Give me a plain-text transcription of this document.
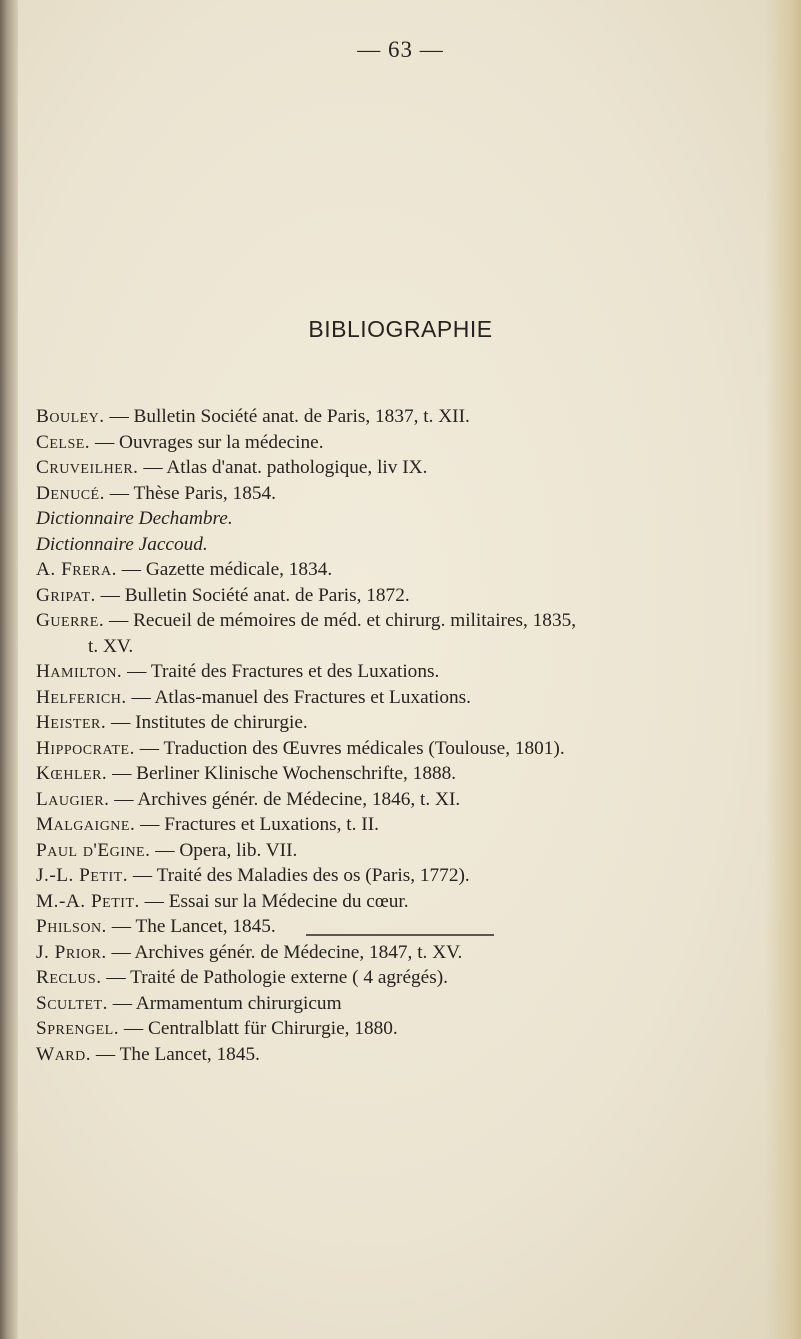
— 63 —
BIBLIOGRAPHIE
Bouley. — Bulletin Société anat. de Paris, 1837, t. XII.
Celse. — Ouvrages sur la médecine.
Cruveilher. — Atlas d'anat. pathologique, liv IX.
Denucé. — Thèse Paris, 1854.
Dictionnaire Dechambre.
Dictionnaire Jaccoud.
A. Frera. — Gazette médicale, 1834.
Gripat. — Bulletin Société anat. de Paris, 1872.
Guerre. — Recueil de mémoires de méd. et chirurg. militaires, 1835,
t. XV.
Hamilton. — Traité des Fractures et des Luxations.
Helferich. — Atlas-manuel des Fractures et Luxations.
Heister. — Institutes de chirurgie.
Hippocrate. — Traduction des Œuvres médicales (Toulouse, 1801).
Kœhler. — Berliner Klinische Wochenschrifte, 1888.
Laugier. — Archives génér. de Médecine, 1846, t. XI.
Malgaigne. — Fractures et Luxations, t. II.
Paul d'Egine. — Opera, lib. VII.
J.-L. Petit. — Traité des Maladies des os (Paris, 1772).
M.-A. Petit. — Essai sur la Médecine du cœur.
Philson. — The Lancet, 1845.
J. Prior. — Archives génér. de Médecine, 1847, t. XV.
Reclus. — Traité de Pathologie externe ( 4 agrégés).
Scultet. — Armamentum chirurgicum
Sprengel. — Centralblatt für Chirurgie, 1880.
Ward. — The Lancet, 1845.
